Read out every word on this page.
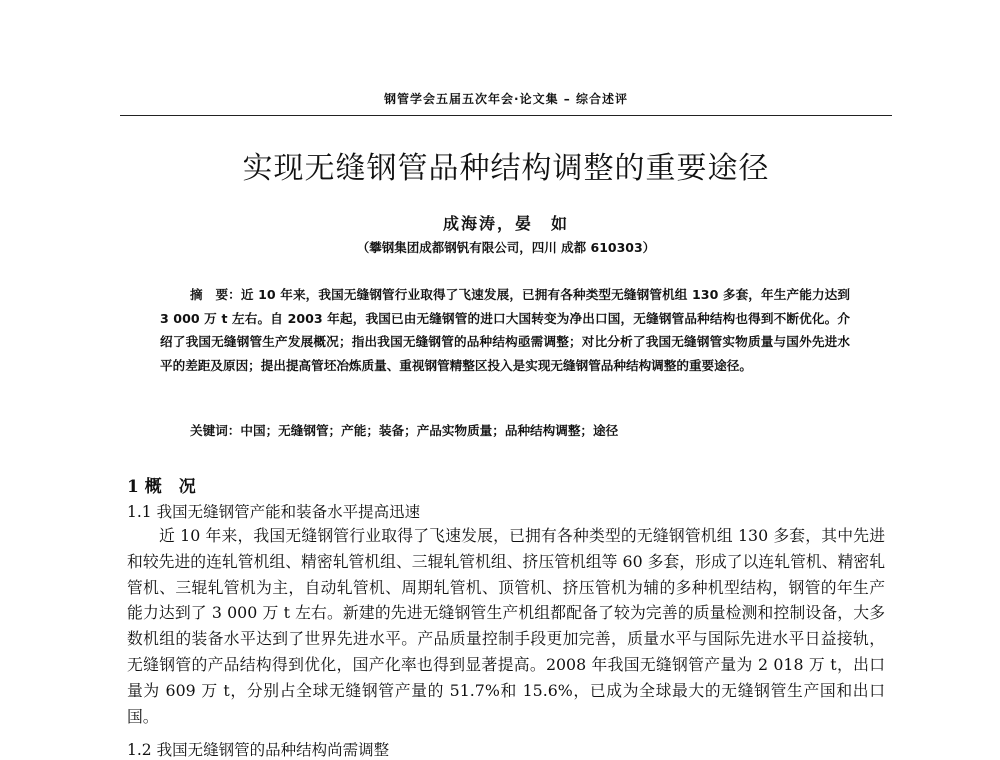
钢管学会五届五次年会·论文集 – 综合述评
实现无缝钢管品种结构调整的重要途径
成海涛，晏　如
（攀钢集团成都钢钒有限公司，四川 成都 610303）
摘　要：近 10 年来，我国无缝钢管行业取得了飞速发展，已拥有各种类型无缝钢管机组 130 多套，年生产能力达到 3 000 万 t 左右。自 2003 年起，我国已由无缝钢管的进口大国转变为净出口国，无缝钢管品种结构也得到不断优化。介绍了我国无缝钢管生产发展概况；指出我国无缝钢管的品种结构亟需调整；对比分析了我国无缝钢管实物质量与国外先进水平的差距及原因；提出提高管坯冶炼质量、重视钢管精整区投入是实现无缝钢管品种结构调整的重要途径。
关键词：中国；无缝钢管；产能；装备；产品实物质量；品种结构调整；途径
1 概　况
1.1 我国无缝钢管产能和装备水平提高迅速
近 10 年来，我国无缝钢管行业取得了飞速发展，已拥有各种类型的无缝钢管机组 130 多套，其中先进和较先进的连轧管机组、精密轧管机组、三辊轧管机组、挤压管机组等 60 多套，形成了以连轧管机、精密轧管机、三辊轧管机为主，自动轧管机、周期轧管机、顶管机、挤压管机为辅的多种机型结构，钢管的年生产能力达到了 3 000 万 t 左右。新建的先进无缝钢管生产机组都配备了较为完善的质量检测和控制设备，大多数机组的装备水平达到了世界先进水平。产品质量控制手段更加完善，质量水平与国际先进水平日益接轨，无缝钢管的产品结构得到优化，国产化率也得到显著提高。2008 年我国无缝钢管产量为 2 018 万 t，出口量为 609 万 t，分别占全球无缝钢管产量的 51.7%和 15.6%，已成为全球最大的无缝钢管生产国和出口国。
1.2 我国无缝钢管的品种结构尚需调整
